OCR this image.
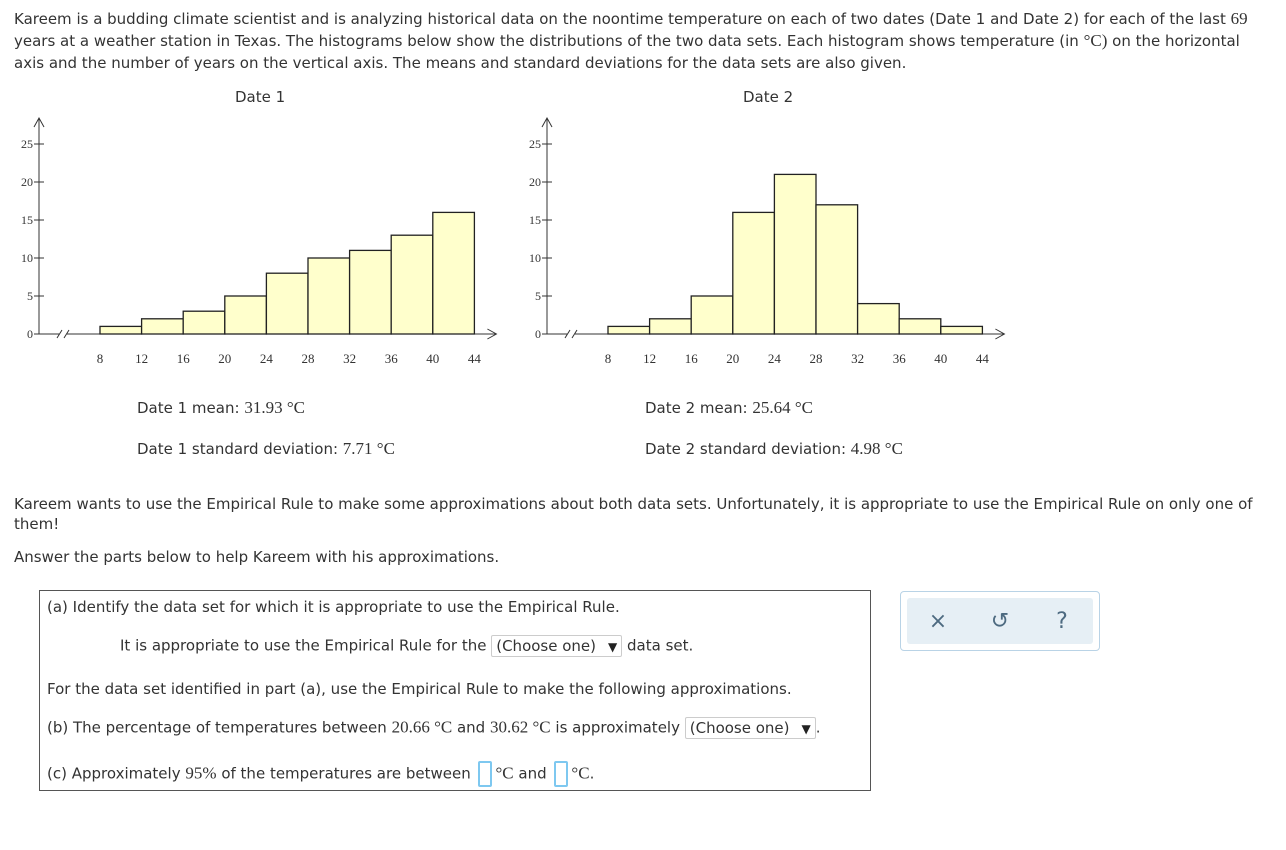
Kareem is a budding climate scientist and is analyzing historical data on the noontime temperature on each of two dates (Date 1 and Date 2) for each of the last 69 years at a weather station in Texas. The histograms below show the distributions of the two data sets. Each histogram shows temperature (in °C) on the horizontal axis and the number of years on the vertical axis. The means and standard deviations for the data sets are also given.

Date 1	Date 2
0
5
10
15
20
25
8 12 16 20 24 28 32 36 40 44
0
5
10
15
20
25
8 12 16 20 24 28 32 36 40 44
Date 1 mean: 31.93 °C
Date 1 standard deviation: 7.71 °C
Date 2 mean: 25.64 °C
Date 2 standard deviation: 4.98 °C

Kareem wants to use the Empirical Rule to make some approximations about both data sets. Unfortunately, it is appropriate to use the Empirical Rule on only one of them!

Answer the parts below to help Kareem with his approximations.

(a) Identify the data set for which it is appropriate to use the Empirical Rule.
It is appropriate to use the Empirical Rule for the (Choose one) ▼ data set.
For the data set identified in part (a), use the Empirical Rule to make the following approximations.
(b) The percentage of temperatures between 20.66 °C and 30.62 °C is approximately (Choose one) ▼ .
(c) Approximately 95% of the temperatures are between °C and °C.
× ↺	?
